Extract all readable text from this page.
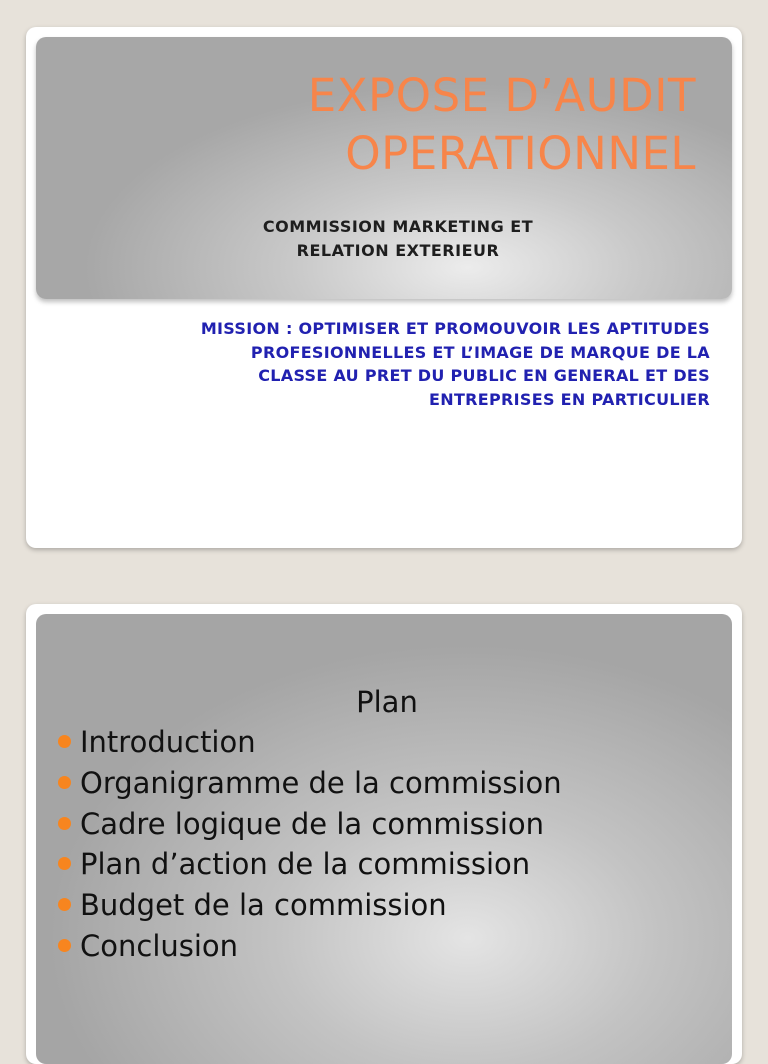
EXPOSE D’AUDIT
OPERATIONNEL
COMMISSION MARKETING ET
RELATION EXTERIEUR
MISSION : OPTIMISER ET PROMOUVOIR LES APTITUDES
PROFESIONNELLES ET L’IMAGE DE MARQUE DE LA
CLASSE AU PRET DU PUBLIC EN GENERAL ET DES
ENTREPRISES EN PARTICULIER
Plan
Introduction
Organigramme de la commission
Cadre logique de la commission
Plan d’action de la commission
Budget de la commission
Conclusion
